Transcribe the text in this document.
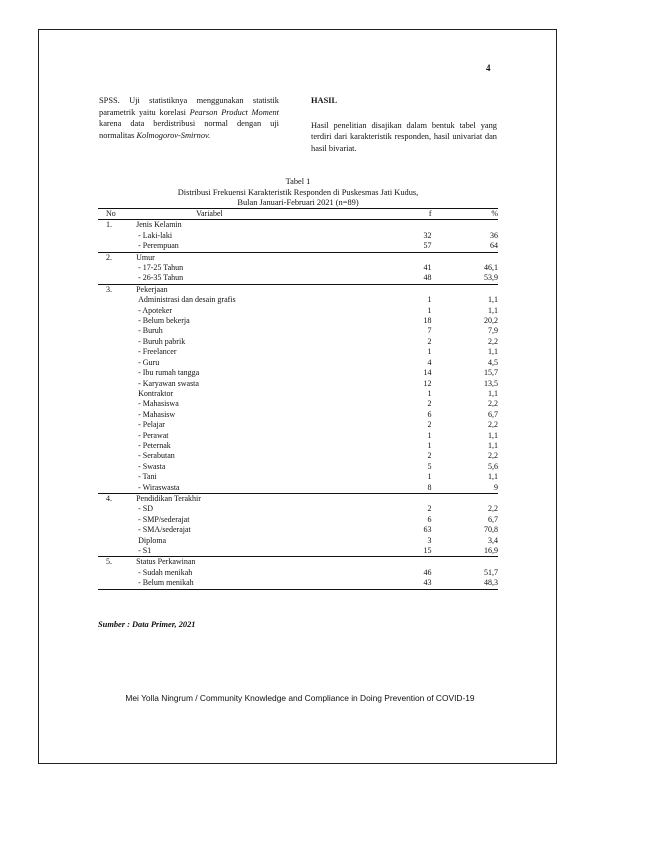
4
SPSS. Uji statistiknya menggunakan statistik parametrik yaitu korelasi Pearson Product Moment karena data berdistribusi normal dengan uji normalitas Kolmogorov-Smirnov.
HASIL
Hasil penelitian disajikan dalam bentuk tabel yang terdiri dari karakteristik responden, hasil univariat dan hasil bivariat.
Tabel 1
Distribusi Frekuensi Karakteristik Responden di Puskesmas Jati Kudus,
Bulan Januari-Februari 2021 (n=89)
No	Variabel	f	%
1.	Jenis Kelamin		
	- Laki-laki	32	36
	- Perempuan	57	64
2.	Umur		
	- 17-25 Tahun	41	46,1
	- 26-35 Tahun	48	53,9
3.	Pekerjaan		
	Administrasi dan desain grafis	1	1,1
	- Apoteker	1	1,1
	- Belum bekerja	18	20,2
	- Buruh	7	7,9
	- Buruh pabrik	2	2,2
	- Freelancer	1	1,1
	- Guru	4	4,5
	- Ibu rumah tangga	14	15,7
	- Karyawan swasta	12	13,5
	Kontraktor	1	1,1
	- Mahasiswa	2	2,2
	- Mahasisw	6	6,7
	- Pelajar	2	2,2
	- Perawat	1	1,1
	- Peternak	1	1,1
	- Serabutan	2	2,2
	- Swasta	5	5,6
	- Tani	1	1,1
	- Wiraswasta	8	9
4.	Pendidikan Terakhir		
	- SD	2	2,2
	- SMP/sederajat	6	6,7
	- SMA/sederajat	63	70,8
	Diploma	3	3,4
	- S1	15	16,9
5.	Status Perkawinan		
	- Sudah menikah	46	51,7
	- Belum menikah	43	48,3
Sumber : Data Primer, 2021
Mei Yolla Ningrum / Community Knowledge and Compliance in Doing Prevention of COVID-19
